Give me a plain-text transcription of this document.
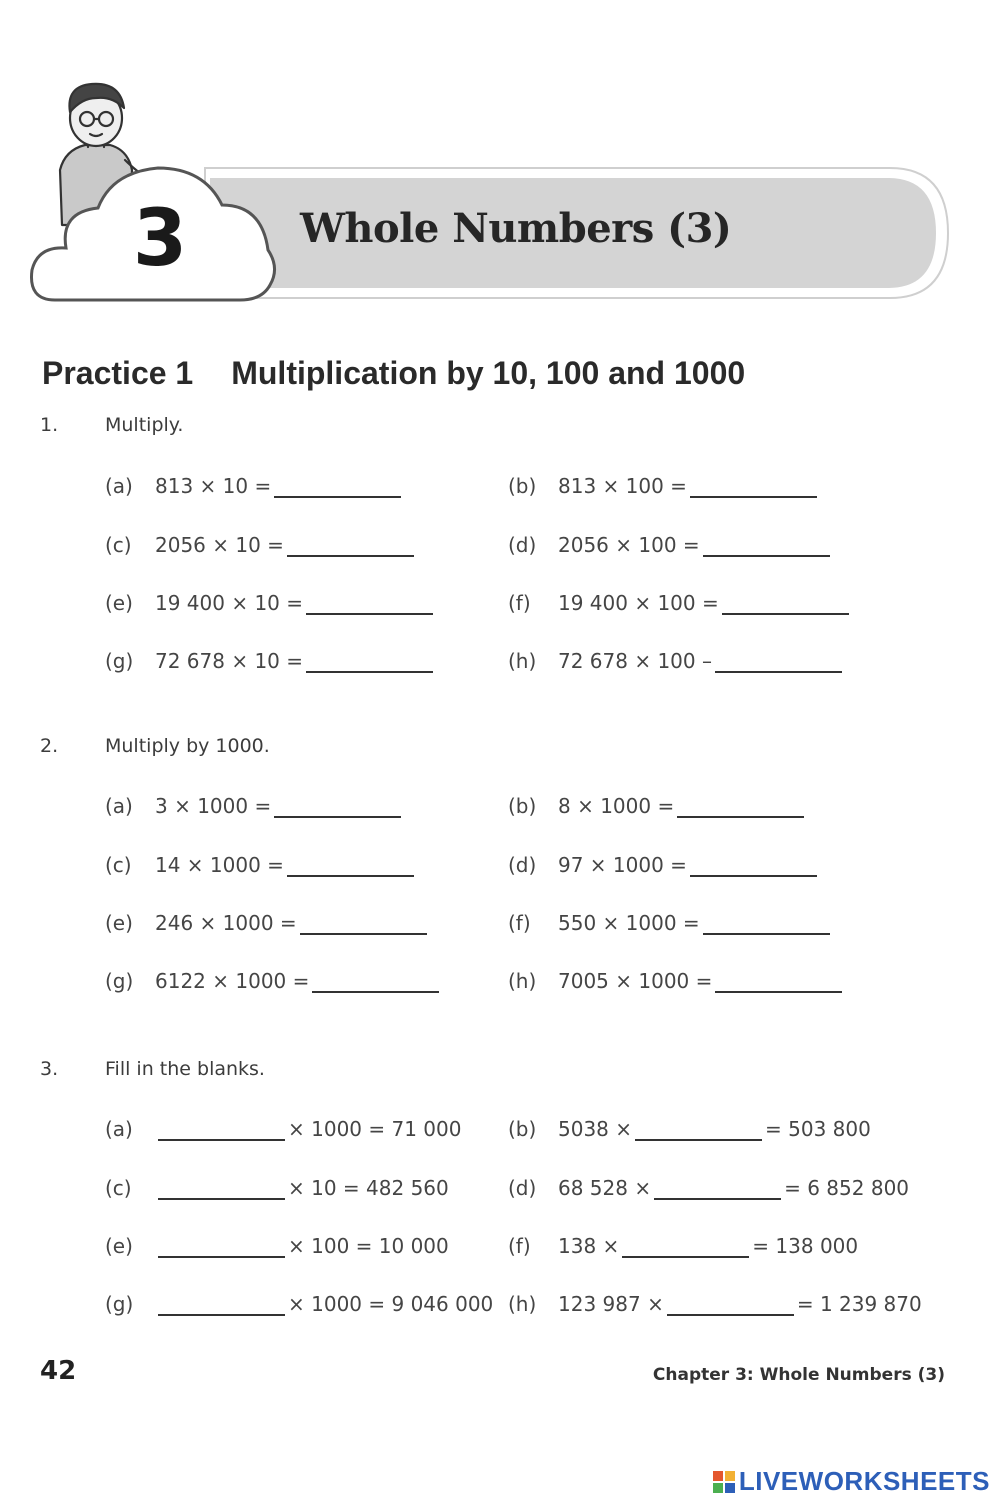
3	Whole Numbers (3)
Practice 1 Multiplication by 10, 100 and 1000
1. Multiply.
(a)	813 × 10 =	(b)	813 × 100 =
(c)	2056 × 10 =	(d)	2056 × 100 =
(e)	19 400 × 10 =	(f)	19 400 × 100 =
(g)	72 678 × 10 =	(h)	72 678 × 100 –
2. Multiply by 1000.
(a)	3 × 1000 =	(b)	8 × 1000 =
(c)	14 × 1000 =	(d)	97 × 1000 =
(e)	246 × 1000 =	(f)	550 × 1000 =
(g)	6122 × 1000 =	(h)	7005 × 1000 =
3. Fill in the blanks.
(a)	× 1000 = 71 000 (b)	5038 ×	= 503 800
(c)	× 10 = 482 560	(d)	68 528 ×	= 6 852 800
(e)	× 100 = 10 000	(f)	138 ×	= 138 000
(g)	× 1000 = 9 046 000 (h)	123 987 ×	= 1 239 870
42	Chapter 3: Whole Numbers (3)
LIVEWORKSHEETS
